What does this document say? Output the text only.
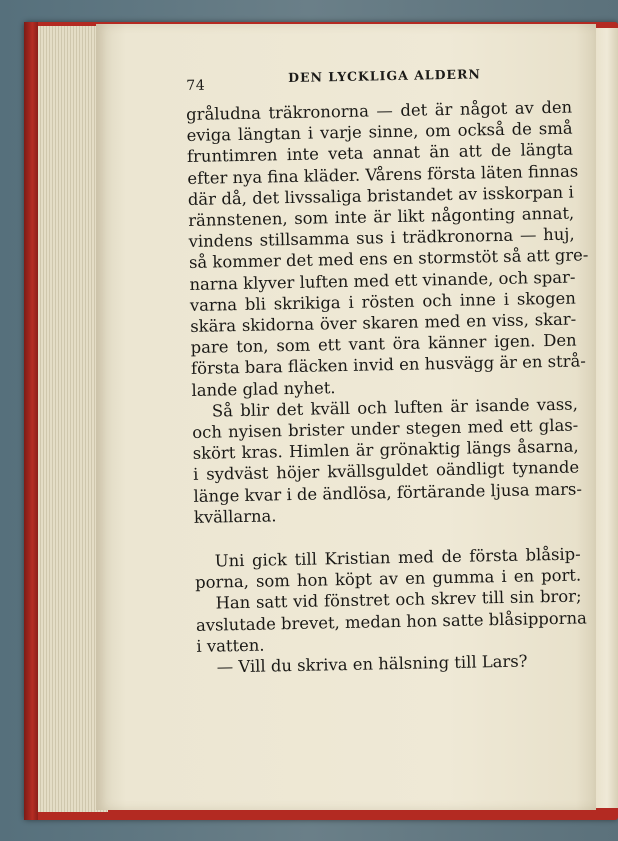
74
DEN LYCKLIGA ALDERN
gråludna träkronorna — det är något av den
eviga längtan i varje sinne, om också de små
fruntimren inte veta annat än att de längta
efter nya fina kläder. Vårens första läten finnas
där då, det livssaliga bristandet av isskorpan i
rännstenen, som inte är likt någonting annat,
vindens stillsamma sus i trädkronorna — huj,
så kommer det med ens en stormstöt så att gre-
narna klyver luften med ett vinande, och spar-
varna bli skrikiga i rösten och inne i skogen
skära skidorna över skaren med en viss, skar-
pare ton, som ett vant öra känner igen. Den
första bara fläcken invid en husvägg är en strå-
lande glad nyhet.
Så blir det kväll och luften är isande vass,
och nyisen brister under stegen med ett glas-
skört kras. Himlen är grönaktig längs åsarna,
i sydväst höjer kvällsguldet oändligt tynande
länge kvar i de ändlösa, förtärande ljusa mars-
kvällarna.
Uni gick till Kristian med de första blåsip-
porna, som hon köpt av en gumma i en port.
Han satt vid fönstret och skrev till sin bror;
avslutade brevet, medan hon satte blåsipporna
i vatten.
— Vill du skriva en hälsning till Lars?
